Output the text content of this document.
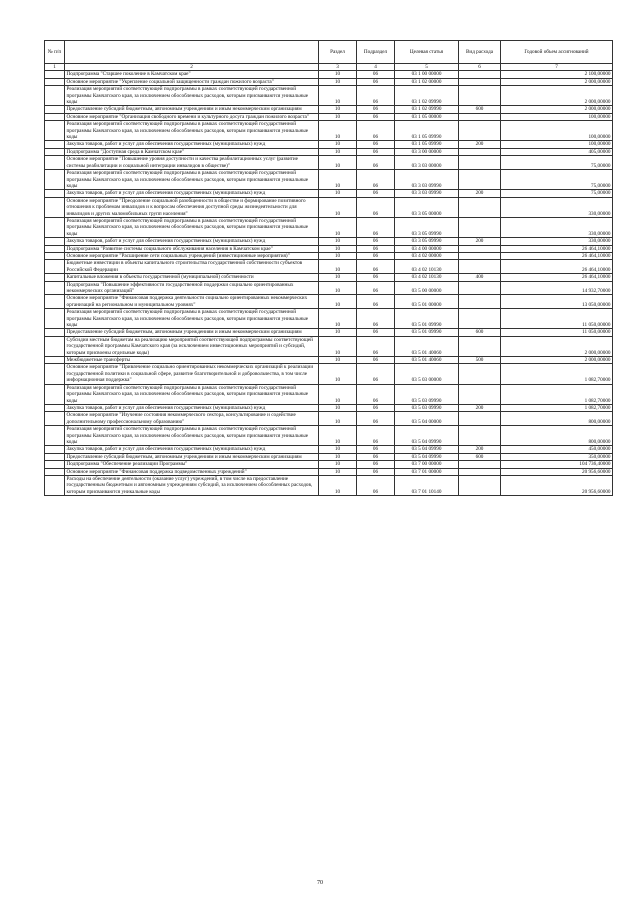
№ п/п		Раздел	Подраздел	Целевая статья	Вид расхода	Годовой объем ассигнований
1	2	3	4	5	6	7
	Подпрограмма "Старшее поколение в Камчатском крае"	10	06	03 1 00 00000		2 100,00000
	Основное мероприятие "Укрепление социальной защищенности граждан пожилого возраста"	10	06	03 1 02 00000		2 000,00000
	Реализация мероприятий соответствующей подпрограммы в рамках соответствующей государственной программы Камчатского края, за исключением обособленных расходов, которым присваиваются уникальные коды	10	06	03 1 02 09990		2 000,00000
	Предоставление субсидий бюджетным, автономным учреждениям и иным некоммерческим организациям	10	06	03 1 02 09990	600	2 000,00000
	Основное мероприятие "Организация свободного времени и культурного досуга граждан пожилого возраста"	10	06	03 1 05 00000		100,00000
	Реализация мероприятий соответствующей подпрограммы в рамках соответствующей государственной программы Камчатского края, за исключением обособленных расходов, которым присваиваются уникальные коды	10	06	03 1 05 09990		100,00000
	Закупка товаров, работ и услуг для обеспечения государственных (муниципальных) нужд	10	06	03 1 05 09990	200	100,00000
	Подпрограмма "Доступная среда в Камчатском крае"	10	06	03 3 00 00000		405,00000
	Основное мероприятие "Повышение уровня доступности и качества реабилитационных услуг (развитие системы реабилитации и социальной интеграции инвалидов в обществе)"	10	06	03 3 03 00000		75,00000
	Реализация мероприятий соответствующей подпрограммы в рамках соответствующей государственной программы Камчатского края, за исключением обособленных расходов, которым присваиваются уникальные коды	10	06	03 3 03 09990		75,00000
	Закупка товаров, работ и услуг для обеспечения государственных (муниципальных) нужд	10	06	03 3 03 09990	200	75,00000
	Основное мероприятие "Преодоление социальной разобщенности в обществе и формирование позитивного отношения к проблемам инвалидов и к вопросам обеспечения доступной среды жизнедеятельности для инвалидов и других маломобильных групп населения"	10	06	03 3 05 00000		330,00000
	Реализация мероприятий соответствующей подпрограммы в рамках соответствующей государственной программы Камчатского края, за исключением обособленных расходов, которым присваиваются уникальные коды	10	06	03 3 05 09990		330,00000
	Закупка товаров, работ и услуг для обеспечения государственных (муниципальных) нужд	10	06	03 3 05 09990	200	330,00000
	Подпрограмма "Развитие системы социального обслуживания населения в Камчатском крае"	10	06	03 4 00 00000		26 464,10000
	Основное мероприятие "Расширение сети социальных учреждений (инвестиционные мероприятия)"	10	06	03 4 02 00000		26 464,10000
	Бюджетные инвестиции в объекты капитального строительства государственной собственности субъектов Российской Федерации	10	06	03 4 02 10130		26 464,10000
	Капитальные вложения в объекты государственной (муниципальной) собственности	10	06	03 4 02 10130	400	26 464,10000
	Подпрограмма "Повышение эффективности государственной поддержки социально ориентированных некоммерческих организаций"	10	06	03 5 00 00000		14 932,70000
	Основное мероприятие "Финансовая поддержка деятельности социально ориентированных некоммерческих организаций на региональном и муниципальном уровнях"	10	06	03 5 01 00000		13 050,00000
	Реализация мероприятий соответствующей подпрограммы в рамках соответствующей государственной программы Камчатского края, за исключением обособленных расходов, которым присваиваются уникальные коды	10	06	03 5 01 09990		11 050,00000
	Предоставление субсидий бюджетным, автономным учреждениям и иным некоммерческим организациям	10	06	03 5 01 09990	600	11 050,00000
	Субсидии местным бюджетам на реализацию мероприятий соответствующей подпрограммы соответствующей государственной программы Камчатского края (за исключением инвестиционных мероприятий и субсидий, которым присвоены отдельные коды)	10	06	03 5 01 40060		2 000,00000
	Межбюджетные трансферты	10	06	03 5 01 40060	500	2 000,00000
	Основное мероприятие "Привлечение социально ориентированных некоммерческих организаций к реализации государственной политики в социальной сфере, развитие благотворительной и добровольчества, в том числе информационная поддержка"	10	06	03 5 03 00000		1 082,70000
	Реализация мероприятий соответствующей подпрограммы в рамках соответствующей государственной программы Камчатского края, за исключением обособленных расходов, которым присваиваются уникальные коды	10	06	03 5 03 09990		1 082,70000
	Закупка товаров, работ и услуг для обеспечения государственных (муниципальных) нужд	10	06	03 5 03 09990	200	1 082,70000
	Основное мероприятие "Изучение состояния некоммерческого сектора, консультирование и содействие дополнительному профессиональному образованию"	10	06	03 5 04 00000		800,00000
	Реализация мероприятий соответствующей подпрограммы в рамках соответствующей государственной программы Камчатского края, за исключением обособленных расходов, которым присваиваются уникальные коды	10	06	03 5 04 09990		800,00000
	Закупка товаров, работ и услуг для обеспечения государственных (муниципальных) нужд	10	06	03 5 04 09990	200	450,00000
	Предоставление субсидий бюджетным, автономным учреждениям и иным некоммерческим организациям	10	06	03 5 04 09990	600	350,00000
	Подпрограмма "Обеспечение реализации Программы"	10	06	03 7 00 00000		104 736,40000
	Основное мероприятие "Финансовая поддержка подведомственных учреждений"	10	06	03 7 01 00000		20 956,60000
	Расходы на обеспечение деятельности (оказание услуг) учреждений, в том числе на предоставление государственным бюджетным и автономным учреждениям субсидий, за исключением обособленных расходов, которым присваиваются уникальные коды	10	06	03 7 01 10140		20 956,60000
70
